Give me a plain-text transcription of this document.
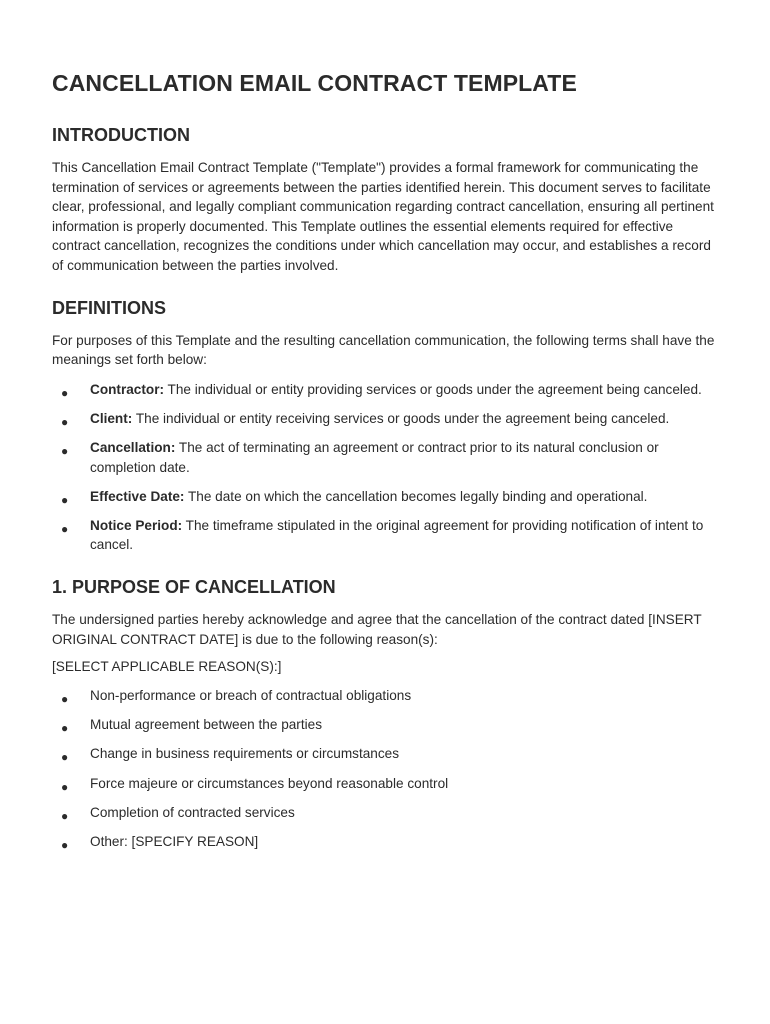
CANCELLATION EMAIL CONTRACT TEMPLATE
INTRODUCTION

This Cancellation Email Contract Template ("Template") provides a formal framework for communicating the termination of services or agreements between the parties identified herein. This document serves to facilitate clear, professional, and legally compliant communication regarding contract cancellation, ensuring all pertinent information is properly documented. This Template outlines the essential elements required for effective contract cancellation, recognizes the conditions under which cancellation may occur, and establishes a record of communication between the parties involved.

DEFINITIONS

For purposes of this Template and the resulting cancellation communication, the following terms shall have the meanings set forth below:

● Contractor: The individual or entity providing services or goods under the agreement being canceled.
● Client: The individual or entity receiving services or goods under the agreement being canceled.
● Cancellation: The act of terminating an agreement or contract prior to its natural conclusion or completion date.
● Effective Date: The date on which the cancellation becomes legally binding and operational.
● Notice Period: The timeframe stipulated in the original agreement for providing notification of intent to cancel.
1. PURPOSE OF CANCELLATION

The undersigned parties hereby acknowledge and agree that the cancellation of the contract dated [INSERT ORIGINAL CONTRACT DATE] is due to the following reason(s):

[SELECT APPLICABLE REASON(S):]

● Non-performance or breach of contractual obligations
● Mutual agreement between the parties
● Change in business requirements or circumstances
● Force majeure or circumstances beyond reasonable control
● Completion of contracted services
● Other: [SPECIFY REASON]
